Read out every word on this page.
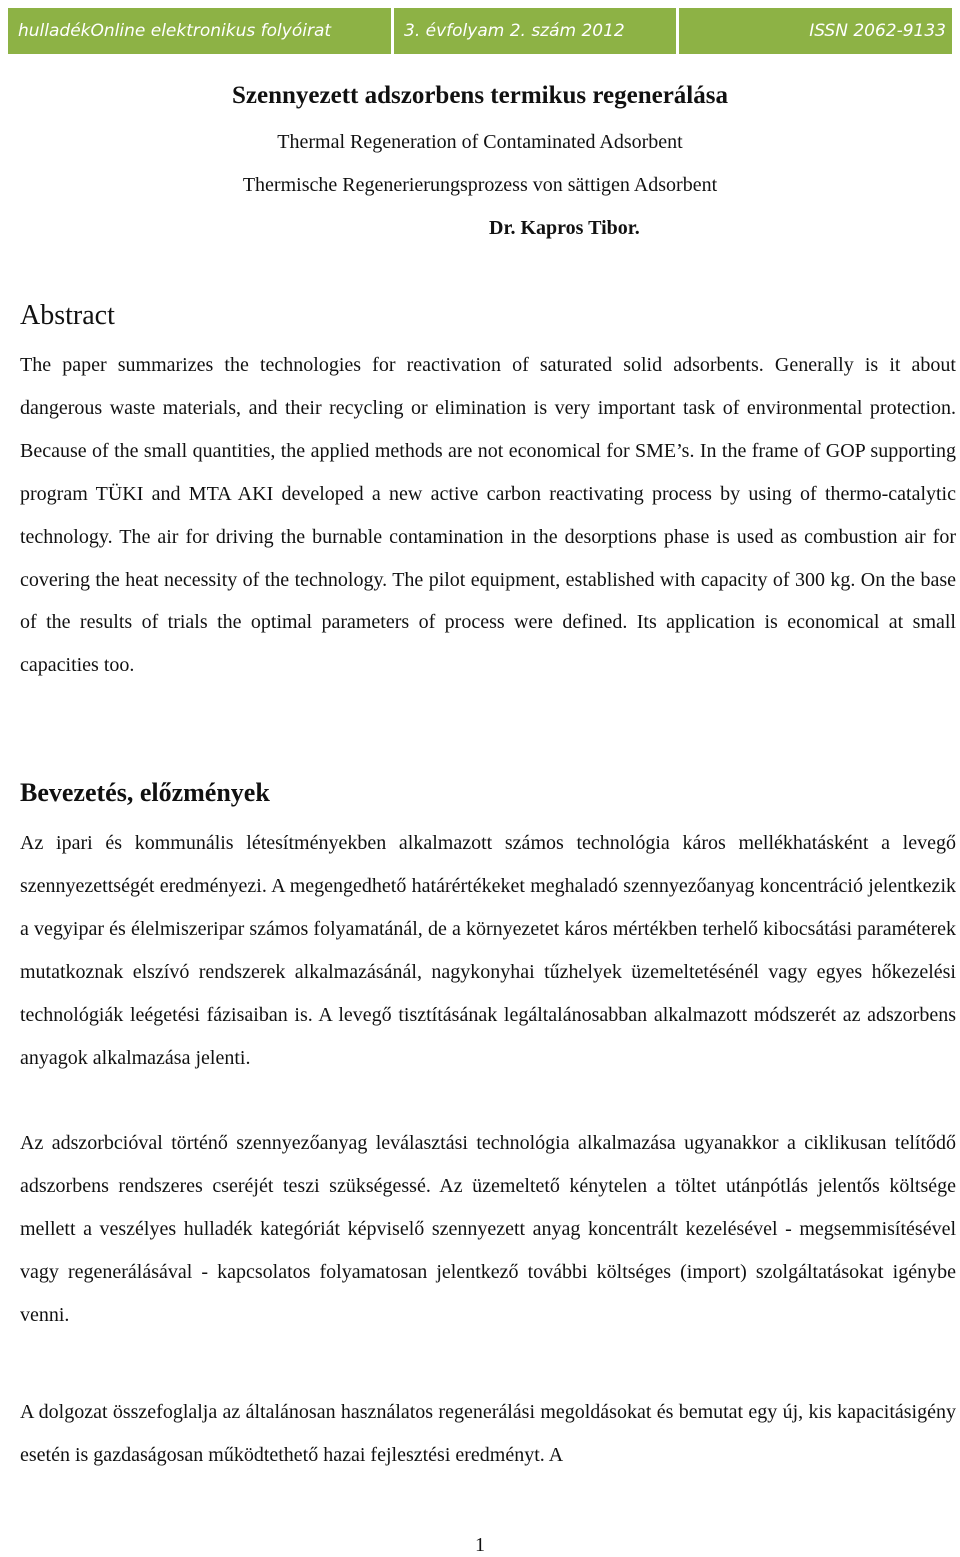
hulladékOnline elektronikus folyóirat	3. évfolyam 2. szám 2012	ISSN 2062-9133
Szennyezett adszorbens termikus regenerálása
Thermal Regeneration of Contaminated Adsorbent
Thermische Regenerierungsprozess von sättigen Adsorbent
Dr. Kapros Tibor.
Abstract
The paper summarizes the technologies for reactivation of saturated solid adsorbents. Generally is it about dangerous waste materials, and their recycling or elimination is very important task of environmental protection. Because of the small quantities, the applied methods are not economical for SME’s. In the frame of GOP supporting program TÜKI and MTA AKI developed a new active carbon reactivating process by using of thermo-catalytic technology. The air for driving the burnable contamination in the desorptions phase is used as combustion air for covering the heat necessity of the technology. The pilot equipment, established with capacity of 300 kg. On the base of the results of trials the optimal parameters of process were defined. Its application is economical at small capacities too.
Bevezetés, előzmények
Az ipari és kommunális létesítményekben alkalmazott számos technológia káros mellékhatásként a levegő szennyezettségét eredményezi. A megengedhető határértékeket meghaladó szennyezőanyag koncentráció jelentkezik a vegyipar és élelmiszeripar számos folyamatánál, de a környezetet káros mértékben terhelő kibocsátási paraméterek mutatkoznak elszívó rendszerek alkalmazásánál, nagykonyhai tűzhelyek üzemeltetésénél vagy egyes hőkezelési technológiák leégetési fázisaiban is. A levegő tisztításának legáltalánosabban alkalmazott módszerét az adszorbens anyagok alkalmazása jelenti.
Az adszorbcióval történő szennyezőanyag leválasztási technológia alkalmazása ugyanakkor a ciklikusan telítődő adszorbens rendszeres cseréjét teszi szükségessé. Az üzemeltető kénytelen a töltet utánpótlás jelentős költsége mellett a veszélyes hulladék kategóriát képviselő szennyezett anyag koncentrált kezelésével - megsemmisítésével vagy regenerálásával - kapcsolatos folyamatosan jelentkező további költséges (import) szolgáltatásokat igénybe venni.
A dolgozat összefoglalja az általánosan használatos regenerálási megoldásokat és bemutat egy új, kis kapacitásigény esetén is gazdaságosan működtethető hazai fejlesztési eredményt. A
1
